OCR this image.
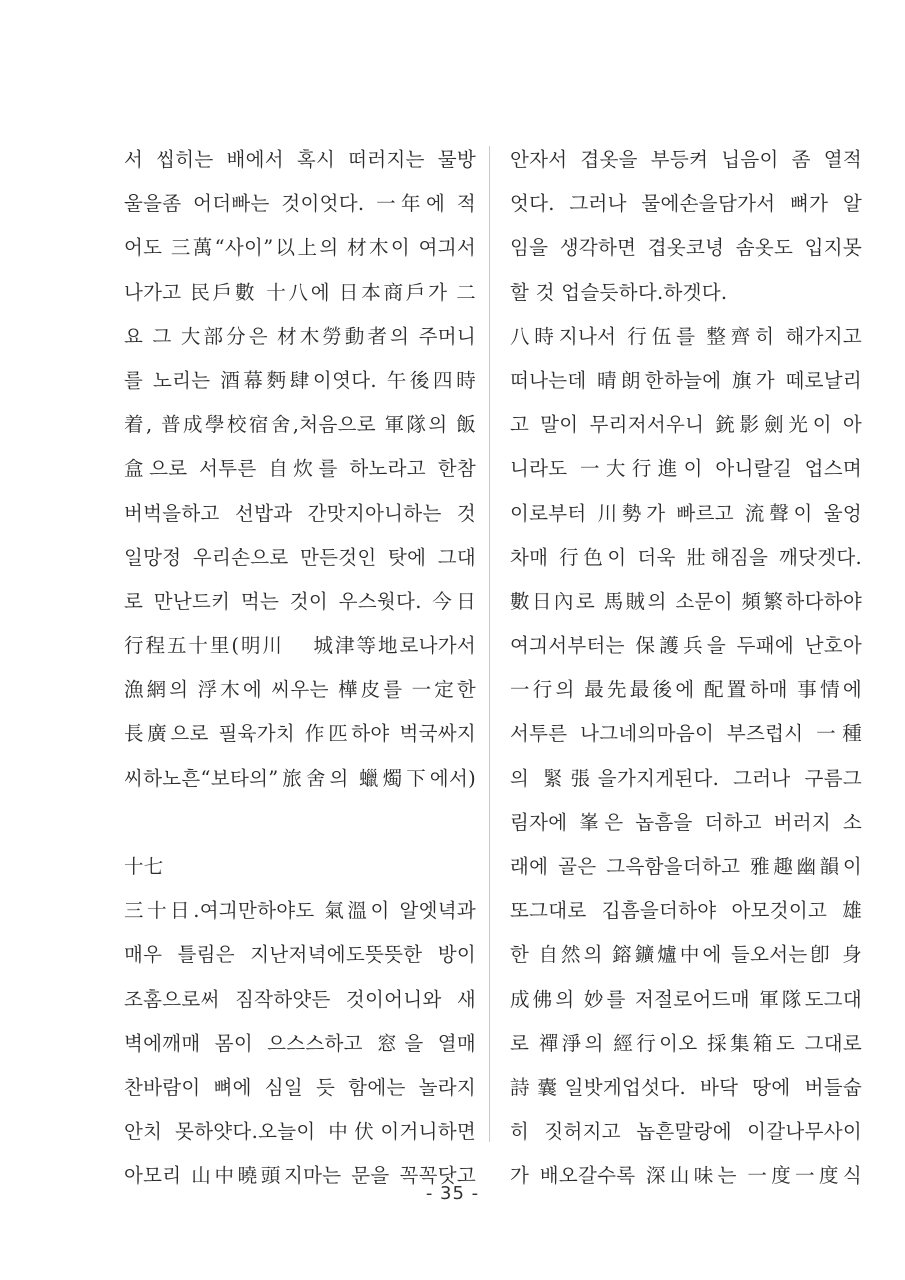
서 씹히는 배에서 혹시 떠러지는 물방
울을좀 어더빠는 것이엇다. 一年에 적
어도 三萬“사이”以上의 材木이 여긔서
나가고 民戶數 十八에 日本商戶가 二
요 그 大部分은 材木勞動者의 주머니
를 노리는 酒幕麪肆이엿다. 午後四時
着, 普成學校宿舍,처음으로 軍隊의 飯
盒으로 서투른 自炊를 하노라고 한참
버벅을하고 선밥과 간맛지아니하는 것
일망정 우리손으로 만든것인 탓에 그대
로 만난드키 먹는 것이 우스웟다. 今日
行程五十里(明川　 城津等地로나가서
漁網의 浮木에 씨우는 樺皮를 一定한
長廣으로 필육가치 作匹하야 벅국싸지
씨하노흔“보타의”旅舍의 蠟燭下에서)
十七
三十日.여긔만하야도 氣溫이 알엣녁과
매우 틀림은 지난저녁에도뜻뜻한 방이
조홈으로써 짐작하얏든 것이어니와 새
벽에깨매 몸이 으스스하고 窓을 열매
찬바람이 뼈에 심일 듯 함에는 놀라지
안치 못하얏다.오늘이 中伏이거니하면
아모리 山中曉頭지마는 문을 꼭꼭닷고
안자서 겹옷을 부등켜 닙음이 좀 열적
엇다. 그러나 물에손을담가서 뼈가 알
임을 생각하면 겹옷코녕 솜옷도 입지못
할 것 업슬듯하다.하겟다.
八時지나서 行伍를 整齊히 해가지고
떠나는데 晴朗한하늘에 旗가 떼로날리
고 말이 무리저서우니 銃影劍光이 아
니라도 一大行進이 아니랄길 업스며
이로부터 川勢가 빠르고 流聲이 울엉
차매 行色이 더욱 壯해짐을 깨닷겟다.
數日內로 馬賊의 소문이 頻繁하다하야
여긔서부터는 保護兵을 두패에 난호아
一行의 最先最後에 配置하매 事情에
서투른 나그네의마음이 부즈럽시 一種
의 緊張을가지게된다. 그러나 구름그
림자에 峯은 놉흠을 더하고 버러지 소
래에 골은 그윽함을더하고 雅趣幽韻이
또그대로 깁흠을더하야 아모것이고 雄
한 自然의 鎔鑛爐中에 들오서는卽 身
成佛의 妙를 저절로어드매 軍隊도그대
로 禪淨의 經行이오 採集箱도 그대로
詩囊일밧게업섯다. 바닥 땅에 버들숩
히 짓허지고 놉흔말랑에 이갈나무사이
가 배오갈수록 深山味는 一度一度식
- 35 -
